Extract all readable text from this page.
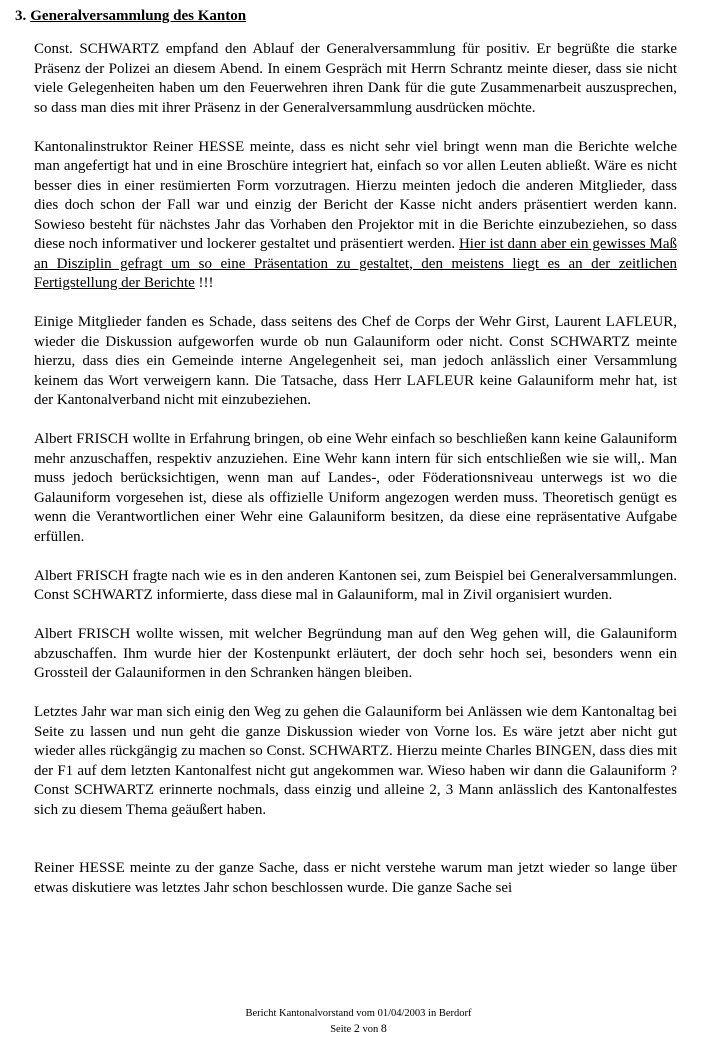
3. Generalversammlung des Kanton

Const. SCHWARTZ empfand den Ablauf der Generalversammlung für positiv. Er begrüßte die starke Präsenz der Polizei an diesem Abend. In einem Gespräch mit Herrn Schrantz meinte dieser, dass sie nicht viele Gelegenheiten haben um den Feuerwehren ihren Dank für die gute Zusammenarbeit auszusprechen, so dass man dies mit ihrer Präsenz in der Generalversammlung ausdrücken möchte.

Kantonalinstruktor Reiner HESSE meinte, dass es nicht sehr viel bringt wenn man die Berichte welche man angefertigt hat und in eine Broschüre integriert hat, einfach so vor allen Leuten abließt. Wäre es nicht besser dies in einer resümierten Form vorzutragen. Hierzu meinten jedoch die anderen Mitglieder, dass dies doch schon der Fall war und einzig der Bericht der Kasse nicht anders präsentiert werden kann. Sowieso besteht für nächstes Jahr das Vorhaben den Projektor mit in die Berichte einzubeziehen, so dass diese noch informativer und lockerer gestaltet und präsentiert werden. Hier ist dann aber ein gewisses Maß an Disziplin gefragt um so eine Präsentation zu gestaltet, den meistens liegt es an der zeitlichen Fertigstellung der Berichte !!!

Einige Mitglieder fanden es Schade, dass seitens des Chef de Corps der Wehr Girst, Laurent LAFLEUR, wieder die Diskussion aufgeworfen wurde ob nun Galauniform oder nicht. Const SCHWARTZ meinte hierzu, dass dies ein Gemeinde interne Angelegenheit sei, man jedoch anlässlich einer Versammlung keinem das Wort verweigern kann. Die Tatsache, dass Herr LAFLEUR keine Galauniform mehr hat, ist der Kantonalverband nicht mit einzubeziehen.

Albert FRISCH wollte in Erfahrung bringen, ob eine Wehr einfach so beschließen kann keine Galauniform mehr anzuschaffen, respektiv anzuziehen. Eine Wehr kann intern für sich entschließen wie sie will,. Man muss jedoch berücksichtigen, wenn man auf Landes-, oder Föderationsniveau unterwegs ist wo die Galauniform vorgesehen ist, diese als offizielle Uniform angezogen werden muss. Theoretisch genügt es wenn die Verantwortlichen einer Wehr eine Galauniform besitzen, da diese eine repräsentative Aufgabe erfüllen.

Albert FRISCH fragte nach wie es in den anderen Kantonen sei, zum Beispiel bei Generalversammlungen. Const SCHWARTZ informierte, dass diese mal in Galauniform, mal in Zivil organisiert wurden.

Albert FRISCH wollte wissen, mit welcher Begründung man auf den Weg gehen will, die Galauniform abzuschaffen. Ihm wurde hier der Kostenpunkt erläutert, der doch sehr hoch sei, besonders wenn ein Grossteil der Galauniformen in den Schranken hängen bleiben.

Letztes Jahr war man sich einig den Weg zu gehen die Galauniform bei Anlässen wie dem Kantonaltag bei Seite zu lassen und nun geht die ganze Diskussion wieder von Vorne los. Es wäre jetzt aber nicht gut wieder alles rückgängig zu machen so Const. SCHWARTZ. Hierzu meinte Charles BINGEN, dass dies mit der F1 auf dem letzten Kantonalfest nicht gut angekommen war. Wieso haben wir dann die Galauniform ? Const SCHWARTZ erinnerte nochmals, dass einzig und alleine 2, 3 Mann anlässlich des Kantonalfestes sich zu diesem Thema geäußert haben.

Reiner HESSE meinte zu der ganze Sache, dass er nicht verstehe warum man jetzt wieder so lange über etwas diskutiere was letztes Jahr schon beschlossen wurde. Die ganze Sache sei

Bericht Kantonalvorstand vom 01/04/2003 in Berdorf
Seite 2 von 8
